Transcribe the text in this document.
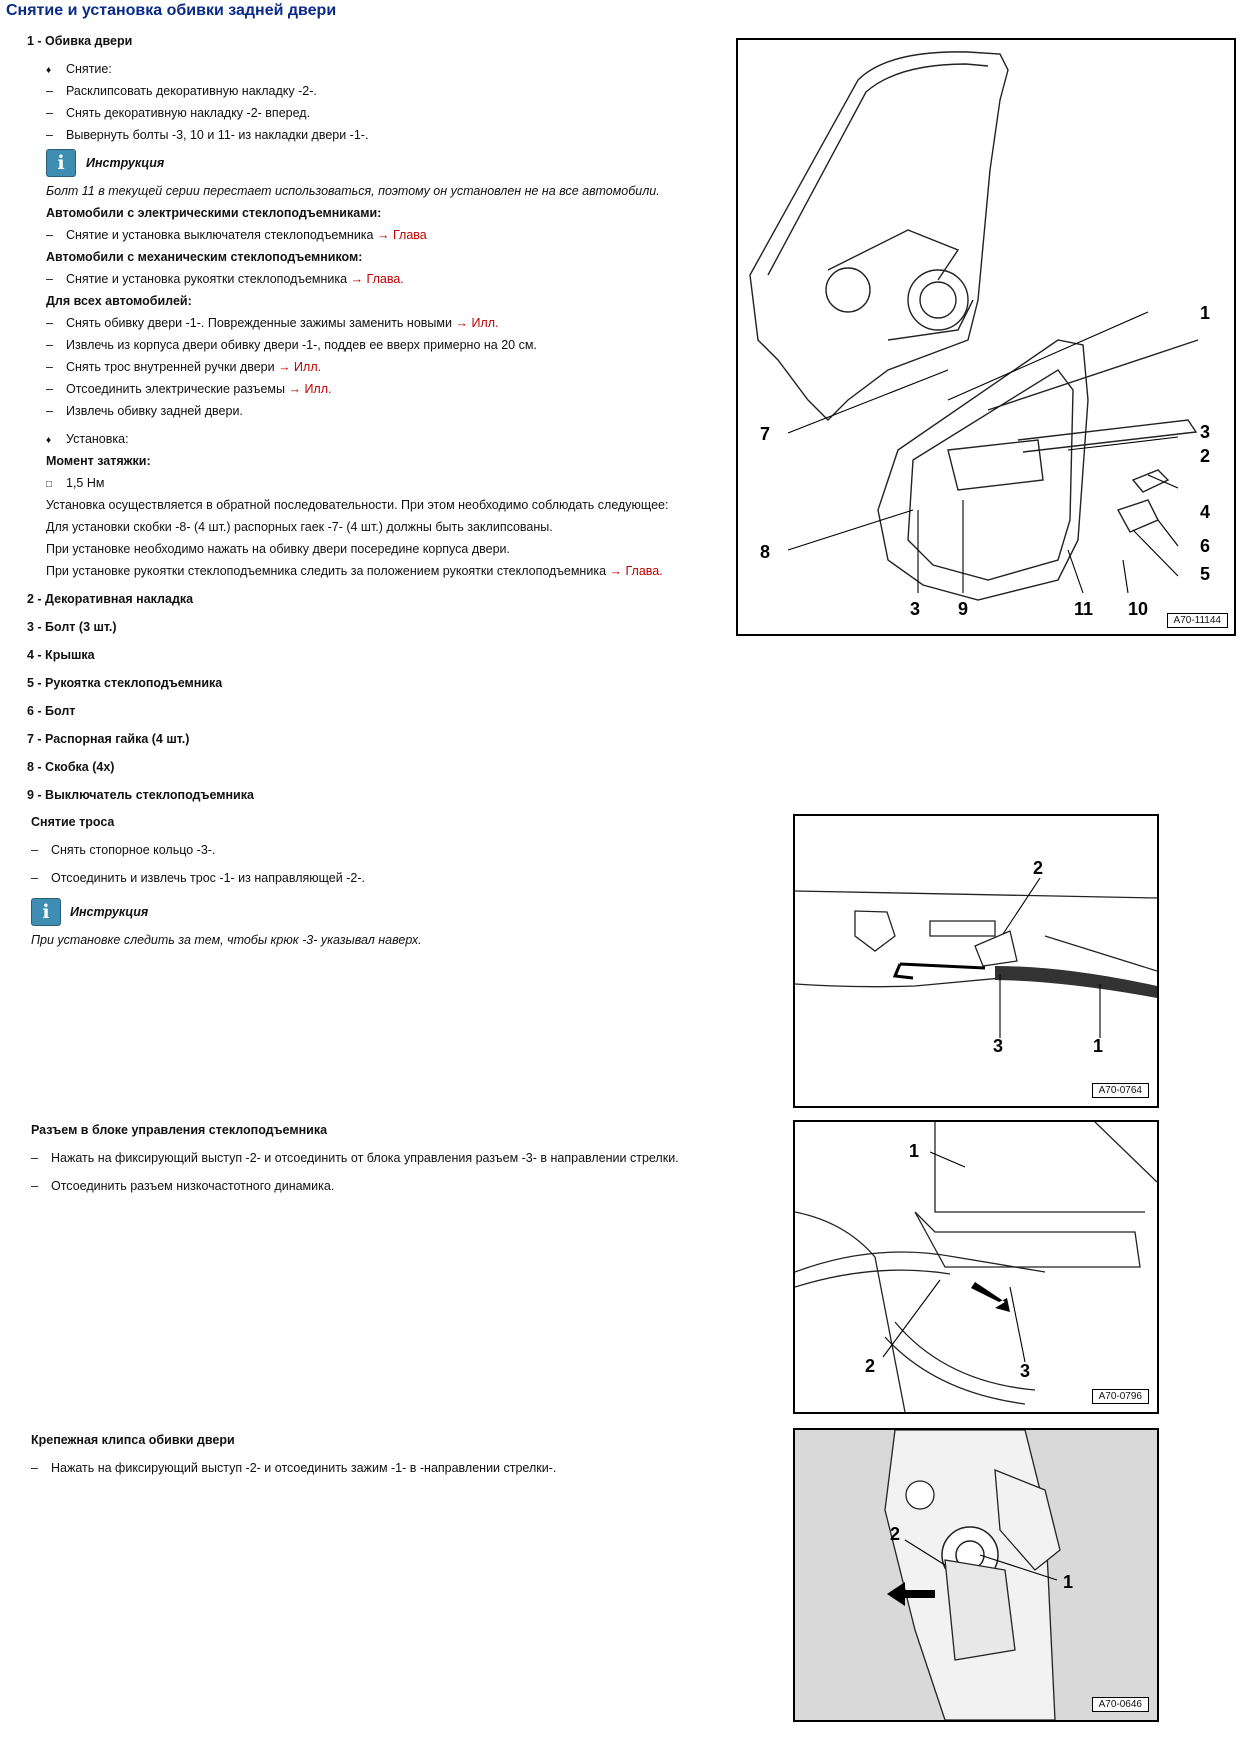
Снятие и установка обивки задней двери
1 - Обивка двери
♦ Снятие:
– Расклипсовать декоративную накладку -2-.
– Снять декоративную накладку -2- вперед.
– Вывернуть болты -3, 10 и 11- из накладки двери -1-.
i	Инструкция
Болт 11 в текущей серии перестает использоваться, поэтому он установлен не на все автомобили.
Автомобили с электрическими стеклоподъемниками:
– Снятие и установка выключателя стеклоподъемника → Глава
Автомобили с механическим стеклоподъемником:
– Снятие и установка рукоятки стеклоподъемника → Глава.
Для всех автомобилей:
– Снять обивку двери -1-. Поврежденные зажимы заменить новыми → Илл.
– Извлечь из корпуса двери обивку двери -1-, поддев ее вверх примерно на 20 см.
– Снять трос внутренней ручки двери → Илл.
– Отсоединить электрические разъемы → Илл.
– Извлечь обивку задней двери.
♦ Установка:
Момент затяжки:
□ 1,5 Нм
Установка осуществляется в обратной последовательности. При этом необходимо соблюдать следующее:
Для установки скобки -8- (4 шт.) распорных гаек -7- (4 шт.) должны быть заклипсованы.
При установке необходимо нажать на обивку двери посередине корпуса двери.
При установке рукоятки стеклоподъемника следить за положением рукоятки стеклоподъемника → Глава.
2 - Декоративная накладка
3 - Болт (3 шт.)
4 - Крышка
5 - Рукоятка стеклоподъемника
6 - Болт
7 - Распорная гайка (4 шт.)
8 - Скобка (4x)
9 - Выключатель стеклоподъемника
Снятие троса
– Снять стопорное кольцо -3-.
– Отсоединить и извлечь трос -1- из направляющей -2-.
i	Инструкция
При установке следить за тем, чтобы крюк -3- указывал наверх.
Разъем в блоке управления стеклоподъемника
– Нажать на фиксирующий выступ -2- и отсоединить от блока управления разъем -3- в направлении стрелки.
– Отсоединить разъем низкочастотного динамика.
Крепежная клипса обивки двери
– Нажать на фиксирующий выступ -2- и отсоединить зажим -1- в -направлении стрелки-.
1
2
3
4
5
6
7
8
3 9	11 10
A70-11144
2
3	1
A70-0764
1
2	3
A70-0796
2
1
A70-0646
